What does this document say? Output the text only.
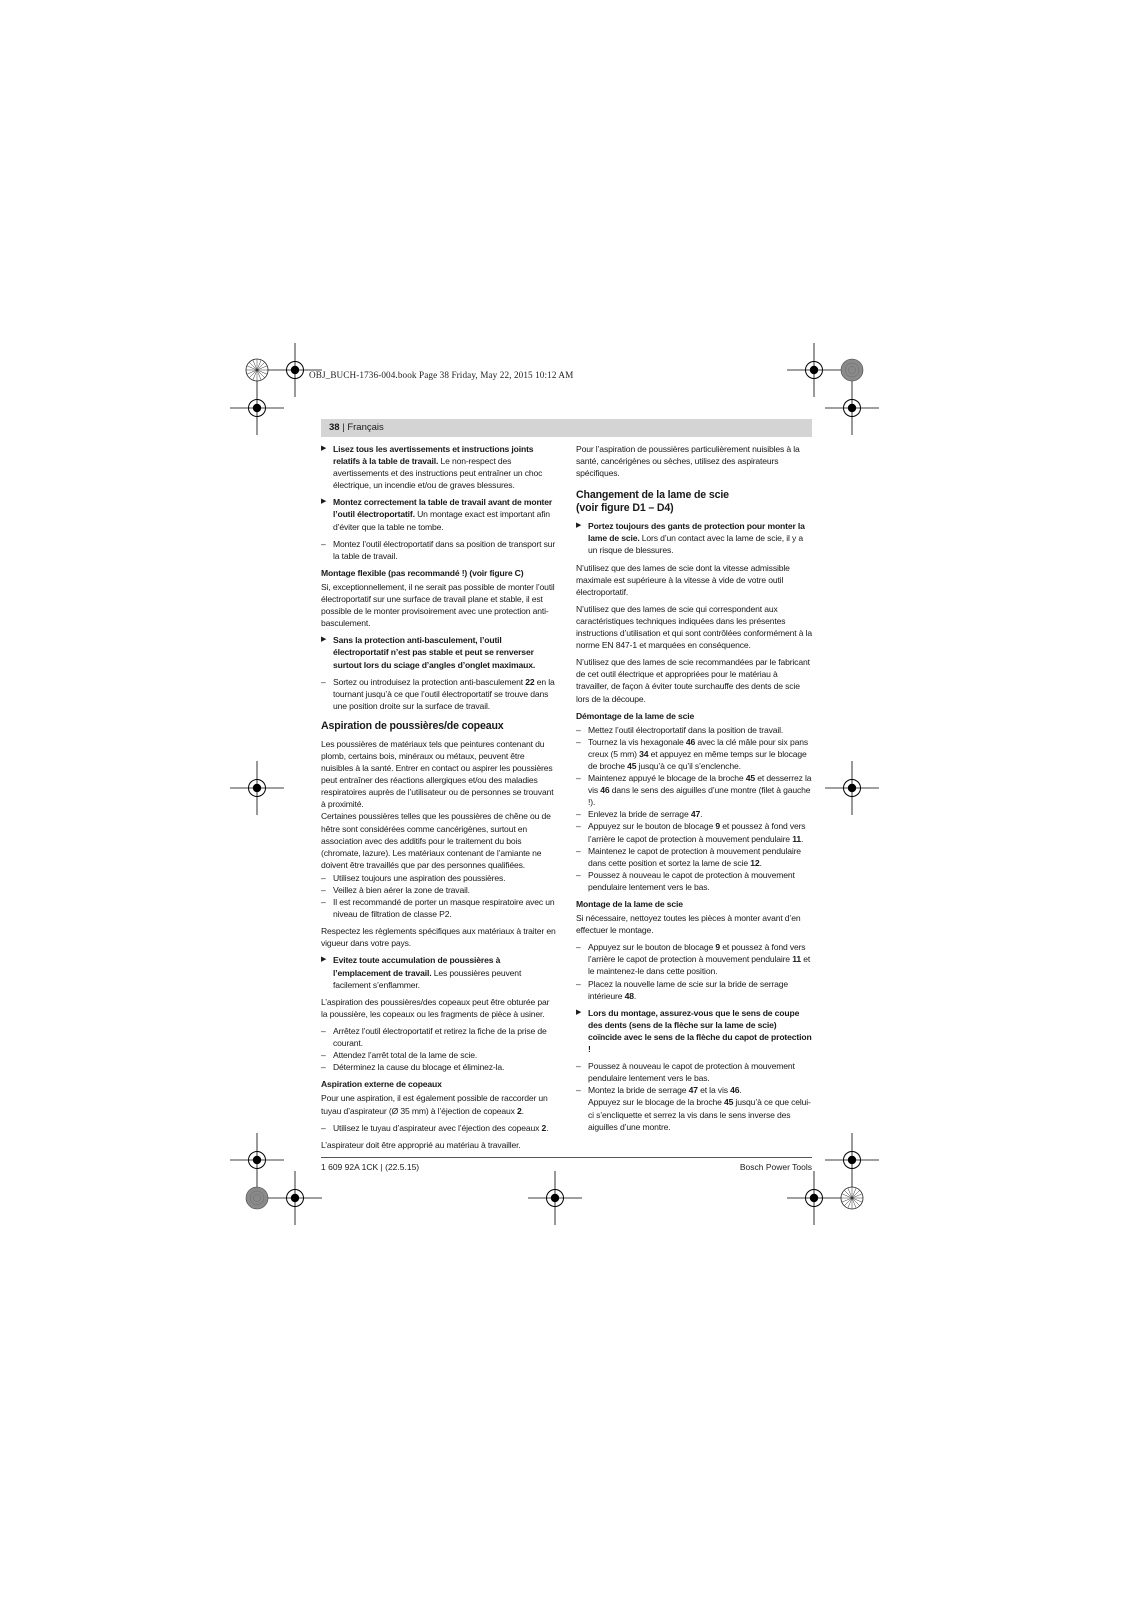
OBJ_BUCH-1736-004.book Page 38 Friday, May 22, 2015 10:12 AM
38 | Français
▶ Lisez tous les avertissements et instructions joints relatifs à la table de travail. Le non-respect des avertissements et des instructions peut entraîner un choc électrique, un incendie et/ou de graves blessures.
▶ Montez correctement la table de travail avant de monter l’outil électroportatif. Un montage exact est important afin d’éviter que la table ne tombe.
– Montez l’outil électroportatif dans sa position de transport sur la table de travail.
Montage flexible (pas recommandé !) (voir figure C)
Si, exceptionnellement, il ne serait pas possible de monter l’outil électroportatif sur une surface de travail plane et stable, il est possible de le monter provisoirement avec une protection anti-basculement.
▶ Sans la protection anti-basculement, l’outil électroportatif n’est pas stable et peut se renverser surtout lors du sciage d’angles d’onglet maximaux.
– Sortez ou introduisez la protection anti-basculement 22 en la tournant jusqu’à ce que l’outil électroportatif se trouve dans une position droite sur la surface de travail.
Aspiration de poussières/de copeaux
Les poussières de matériaux tels que peintures contenant du plomb, certains bois, minéraux ou métaux, peuvent être nuisibles à la santé. Entrer en contact ou aspirer les poussières peut entraîner des réactions allergiques et/ou des maladies respiratoires auprès de l’utilisateur ou de personnes se trouvant à proximité.
Certaines poussières telles que les poussières de chêne ou de hêtre sont considérées comme cancérigènes, surtout en association avec des additifs pour le traitement du bois (chromate, lazure). Les matériaux contenant de l’amiante ne doivent être travaillés que par des personnes qualifiées.
– Utilisez toujours une aspiration des poussières.
– Veillez à bien aérer la zone de travail.
– Il est recommandé de porter un masque respiratoire avec un niveau de filtration de classe P2.
Respectez les règlements spécifiques aux matériaux à traiter en vigueur dans votre pays.
▶ Evitez toute accumulation de poussières à l’emplacement de travail. Les poussières peuvent facilement s’enflammer.
L’aspiration des poussières/des copeaux peut être obturée par la poussière, les copeaux ou les fragments de pièce à usiner.
– Arrêtez l’outil électroportatif et retirez la fiche de la prise de courant.
– Attendez l’arrêt total de la lame de scie.
– Déterminez la cause du blocage et éliminez-la.
Aspiration externe de copeaux
Pour une aspiration, il est également possible de raccorder un tuyau d’aspirateur (Ø 35 mm) à l’éjection de copeaux 2.
– Utilisez le tuyau d’aspirateur avec l’éjection des copeaux 2.
L’aspirateur doit être approprié au matériau à travailler.
Pour l’aspiration de poussières particulièrement nuisibles à la santé, cancérigènes ou sèches, utilisez des aspirateurs spécifiques.
Changement de la lame de scie
(voir figure D1 – D4)
▶ Portez toujours des gants de protection pour monter la lame de scie. Lors d’un contact avec la lame de scie, il y a un risque de blessures.
N’utilisez que des lames de scie dont la vitesse admissible maximale est supérieure à la vitesse à vide de votre outil électroportatif.
N’utilisez que des lames de scie qui correspondent aux caractéristiques techniques indiquées dans les présentes instructions d’utilisation et qui sont contrôlées conformément à la norme EN 847-1 et marquées en conséquence.
N’utilisez que des lames de scie recommandées par le fabricant de cet outil électrique et appropriées pour le matériau à travailler, de façon à éviter toute surchauffe des dents de scie lors de la découpe.
Démontage de la lame de scie
– Mettez l’outil électroportatif dans la position de travail.
– Tournez la vis hexagonale 46 avec la clé mâle pour six pans creux (5 mm) 34 et appuyez en même temps sur le blocage de broche 45 jusqu’à ce qu’il s’enclenche.
– Maintenez appuyé le blocage de la broche 45 et desserrez la vis 46 dans le sens des aiguilles d’une montre (filet à gauche !).
– Enlevez la bride de serrage 47.
– Appuyez sur le bouton de blocage 9 et poussez à fond vers l’arrière le capot de protection à mouvement pendulaire 11.
– Maintenez le capot de protection à mouvement pendulaire dans cette position et sortez la lame de scie 12.
– Poussez à nouveau le capot de protection à mouvement pendulaire lentement vers le bas.
Montage de la lame de scie
Si nécessaire, nettoyez toutes les pièces à monter avant d’en effectuer le montage.
– Appuyez sur le bouton de blocage 9 et poussez à fond vers l’arrière le capot de protection à mouvement pendulaire 11 et le maintenez-le dans cette position.
– Placez la nouvelle lame de scie sur la bride de serrage intérieure 48.
▶ Lors du montage, assurez-vous que le sens de coupe des dents (sens de la flèche sur la lame de scie) coïncide avec le sens de la flèche du capot de protection !
– Poussez à nouveau le capot de protection à mouvement pendulaire lentement vers le bas.
– Montez la bride de serrage 47 et la vis 46.
Appuyez sur le blocage de la broche 45 jusqu’à ce que celui-ci s’encliquette et serrez la vis dans le sens inverse des aiguilles d’une montre.
1 609 92A 1CK | (22.5.15)	Bosch Power Tools
